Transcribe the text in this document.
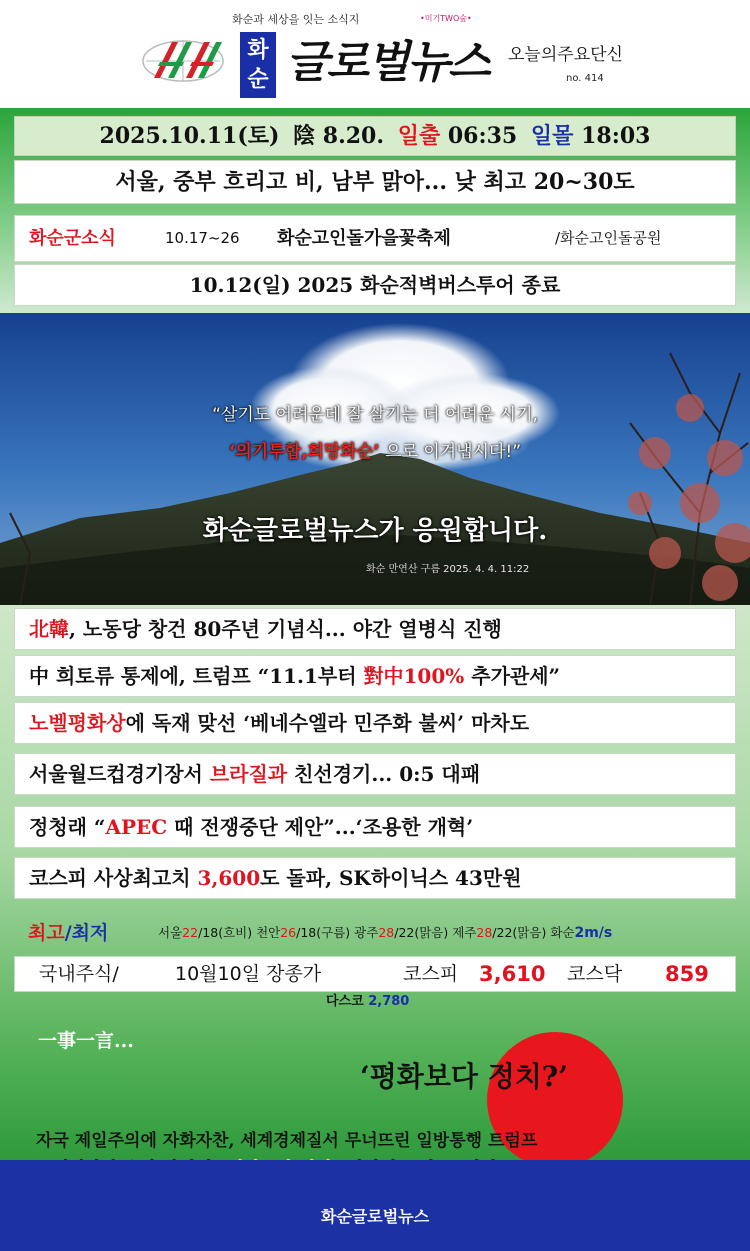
화순과 세상을 잇는 소식지	•미기TWO숲•
화
순 글로벌뉴스 오늘의주요단신
no. 414
2025.10.11(토) 陰 8.20. 일출 06:35 일몰 18:03
서울, 중부 흐리고 비, 남부 맑아... 낮 최고 20~30도
화순군소식	10.17~26 화순고인돌가을꽃축제	/화순고인돌공원
10.12(일) 2025 화순적벽버스투어 종료
“살기도 어려운데 잘 살기는 더 어려운 시기,
‘의기투합,희망화순’ 으로 이겨냅시다!”
화순글로벌뉴스가 응원합니다.
화순 만연산 구름 2025. 4. 4. 11:22
北韓, 노동당 창건 80주년 기념식... 야간 열병식 진행
中 희토류 통제에, 트럼프 “11.1부터 對中100% 추가관세”
노벨평화상에 독재 맞선 ‘베네수엘라 민주화 불씨’ 마차도
서울월드컵경기장서 브라질과 친선경기... 0:5 대패
정청래 “APEC 때 전쟁중단 제안”...‘조용한 개혁’
코스피 사상최고치 3,600도 돌파, SK하이닉스 43만원
최고/최저	서울22/18(흐비) 천안26/18(구름) 광주28/22(맑음) 제주28/22(맑음) 화순2m/s
국내주식/	10월10일 장종가	코스피 3,610 코스닥 859
다스코 2,780
一事一言...
‘평화보다 정치?’
자국 제일주의에 자화자찬, 세계경제질서 무너뜨린 일방통행 트럼프
화순글로벌뉴스
